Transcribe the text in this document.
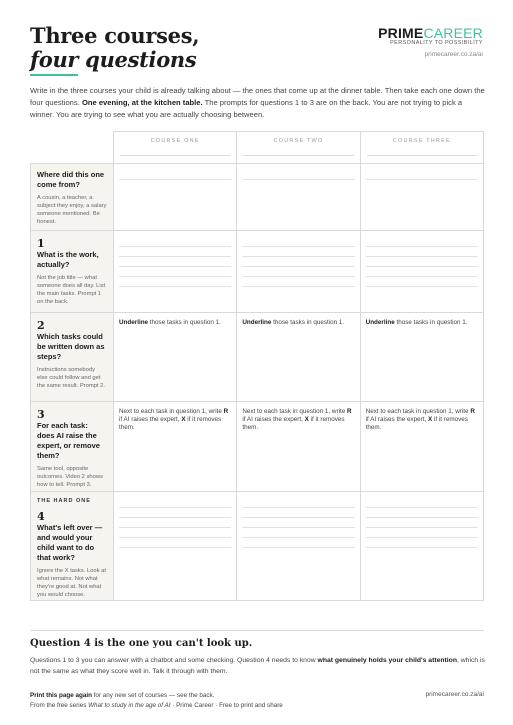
Three courses,
four questions
PRIMECAREER
PERSONALITY TO POSSIBILITY
primecareer.co.za/ai
Write in the three courses your child is already talking about — the ones that come up at the dinner table. Then take each one down the four questions. One evening, at the kitchen table. The prompts for questions 1 to 3 are on the back. You are not trying to pick a winner. You are trying to see what you are actually choosing between.

	COURSE ONE	COURSE TWO	COURSE THREE

Where did this one come from?
A cousin, a teacher, a subject they enjoy, a salary someone mentioned. Be honest.			

1
What is the work, actually?
Not the job title — what someone does all day. List the main tasks. Prompt 1 on the back.			

2
Which tasks could be written down as steps?
Instructions somebody else could follow and get the same result. Prompt 2.	Underline those tasks in question 1.	Underline those tasks in question 1.	Underline those tasks in question 1.

3
For each task: does AI raise the expert, or remove them?
Same tool, opposite outcomes. Video 2 shows how to tell. Prompt 3.	Next to each task in question 1, write R if AI raises the expert, X if it removes them.	Next to each task in question 1, write R if AI raises the expert, X if it removes them.	Next to each task in question 1, write R if AI raises the expert, X if it removes them.

THE HARD ONE
4
What's left over — and would your child want to do that work?
Ignore the X tasks. Look at what remains. Not what they're good at. Not what you would choose.			

Question 4 is the one you can't look up.
Questions 1 to 3 you can answer with a chatbot and some checking. Question 4 needs to know what genuinely holds your child's attention, which is not the same as what they score well in. Talk it through with them.
Print this page again for any new set of courses — see the back.
From the free series What to study in the age of AI · Prime Career · Free to print and share
primecareer.co.za/ai
